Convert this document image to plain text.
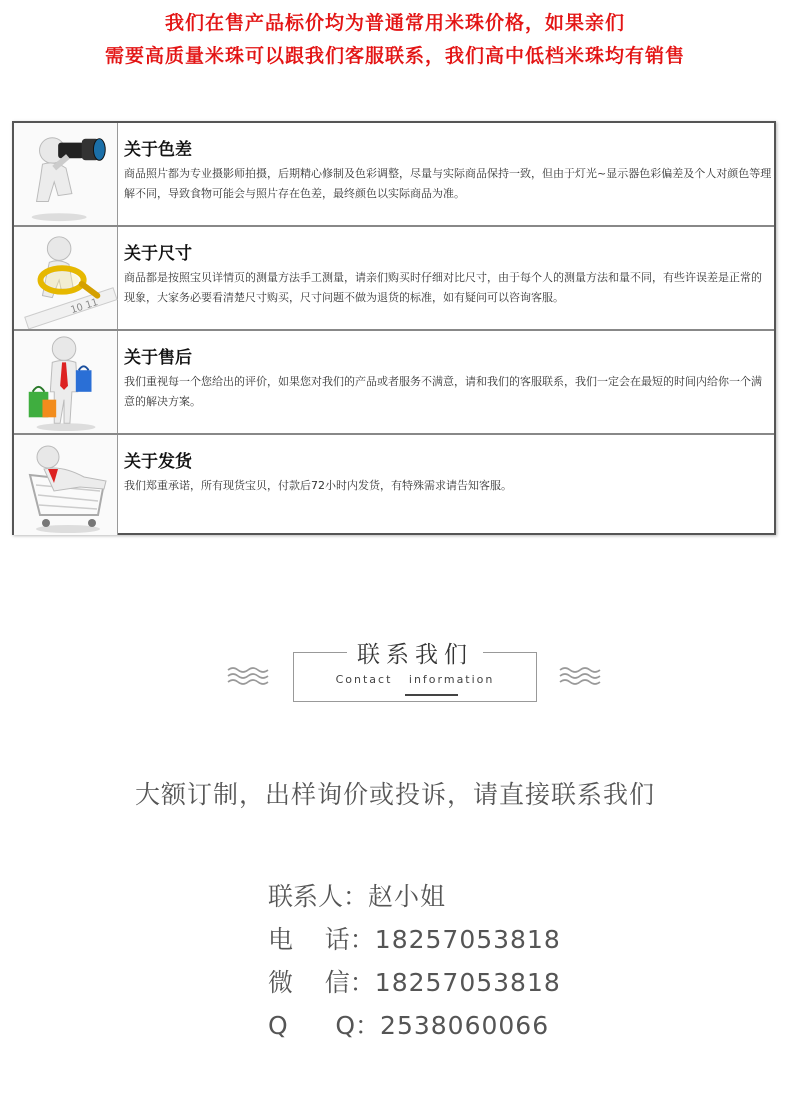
我们在售产品标价均为普通常用米珠价格，如果亲们
需要高质量米珠可以跟我们客服联系，我们高中低档米珠均有销售
关于色差
商品照片都为专业摄影师拍摄，后期精心修制及色彩调整，尽量与实际商品保持一致，但由于灯光~显示器色彩偏差及个人对颜色等理解不同，导致食物可能会与照片存在色差，最终颜色以实际商品为准。
10 11
关于尺寸
商品都是按照宝贝详情页的测量方法手工测量，请亲们购买时仔细对比尺寸，由于每个人的测量方法和量不同，有些许误差是正常的现象，大家务必要看清楚尺寸购买，尺寸问题不做为退货的标准，如有疑问可以咨询客服。
关于售后
我们重视每一个您给出的评价，如果您对我们的产品或者服务不满意，请和我们的客服联系，我们一定会在最短的时间内给你一个满意的解决方案。
关于发货
我们郑重承诺，所有现货宝贝，付款后72小时内发货，有特殊需求请告知客服。
联系我们
Contact   information
大额订制，出样询价或投诉，请直接联系我们
联系人：赵小姐
电    话：18257053818
微    信：18257053818
Q      Q：2538060066
